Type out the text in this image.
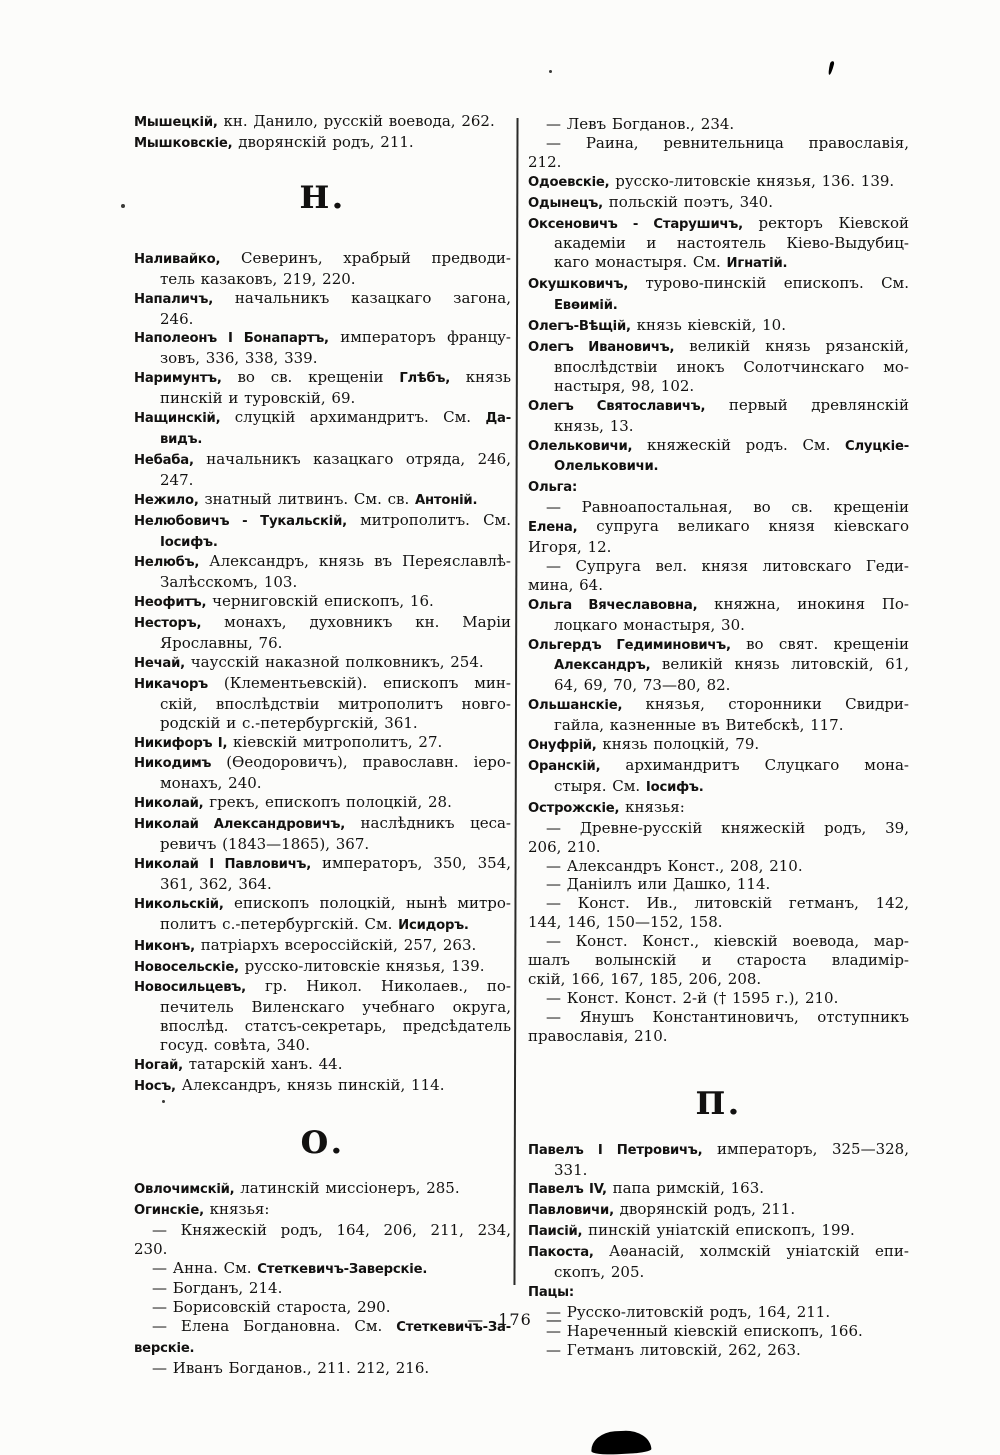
Мышецкій, кн. Данило, русскій воевода, 262.
Мышковскіе, дворянскій родъ, 211.
Н.
Наливайко, Северинъ, храбрый предводи-
тель казаковъ, 219, 220.
Напаличъ, начальникъ казацкаго загона,
246.
Наполеонъ I Бонапартъ, императоръ францу-
зовъ, 336, 338, 339.
Наримунтъ, во св. крещеніи Глѣбъ, князь
пинскій и туровскій, 69.
Нащинскій, слуцкій архимандритъ. См. Да-
видъ.
Небаба, начальникъ казацкаго отряда, 246,
247.
Нежило, знатный литвинъ. См. св. Антоній.
Нелюбовичъ - Тукальскій, митрополитъ. См.
Іосифъ.
Нелюбъ, Александръ, князь въ Переяславлѣ-
Залѣсскомъ, 103.
Неофитъ, черниговскій епископъ, 16.
Несторъ, монахъ, духовникъ кн. Маріи
Ярославны, 76.
Нечай, чаусскій наказной полковникъ, 254.
Никачоръ (Клементьевскій). епископъ мин-
скій, впослѣдствіи митрополитъ новго-
родскій и с.-петербургскій, 361.
Никифоръ I, кіевскій митрополитъ, 27.
Никодимъ (Ѳеодоровичъ), православн. іеро-
монахъ, 240.
Николай, грекъ, епископъ полоцкій, 28.
Николай Александровичъ, наслѣдникъ цеса-
ревичъ (1843—1865), 367.
Николай I Павловичъ, императоръ, 350, 354,
361, 362, 364.
Никольскій, епископъ полоцкій, нынѣ митро-
политъ с.-петербургскій. См. Исидоръ.
Никонъ, патріархъ всероссійскій, 257, 263.
Новосельскіе, русско-литовскіе князья, 139.
Новосильцевъ, гр. Никол. Николаев., по-
печитель Виленскаго учебнаго округа,
впослѣд. статсъ-секретарь, предсѣдатель
госуд. совѣта, 340.
Ногай, татарскій ханъ. 44.
Носъ, Александръ, князь пинскій, 114.
О.
Овлочимскій, латинскій миссіонеръ, 285.
Огинскіе, князья:
— Княжескій родъ, 164, 206, 211, 234,
230.
— Анна. См. Стеткевичъ-Заверскіе.
— Богданъ, 214.
— Борисовскій староста, 290.
— Елена Богдановна. См. Стеткевичъ-За-
верскіе.
— Иванъ Богданов., 211. 212, 216.
— Левъ Богданов., 234.
— Раина, ревнительница православія,
212.
Одоевскіе, русско-литовскіе князья, 136. 139.
Одынецъ, польскій поэтъ, 340.
Оксеновичъ - Старушичъ, ректоръ Кіевской
академіи и настоятель Кіево-Выдубиц-
каго монастыря. См. Игнатій.
Окушковичъ, турово-пинскій епископъ. См.
Евѳимій.
Олегъ-Вѣщій, князь кіевскій, 10.
Олегъ Ивановичъ, великій князь рязанскій,
впослѣдствіи инокъ Солотчинскаго мо-
настыря, 98, 102.
Олегъ Святославичъ, первый древлянскій
князь, 13.
Олельковичи, княжескій родъ. См. Слуцкіе-
Олельковичи.
Ольга:
— Равноапостальная, во св. крещеніи
Елена, супруга великаго князя кіевскаго
Игоря, 12.
— Супруга вел. князя литовскаго Геди-
мина, 64.
Ольга Вячеславовна, княжна, инокиня По-
лоцкаго монастыря, 30.
Ольгердъ Гедиминовичъ, во свят. крещеніи
Александръ, великій князь литовскій, 61,
64, 69, 70, 73—80, 82.
Ольшанскіе, князья, сторонники Свидри-
гайла, казненные въ Витебскѣ, 117.
Онуфрій, князь полоцкій, 79.
Оранскій, архимандритъ Слуцкаго мона-
стыря. См. Іосифъ.
Острожскіе, князья:
— Древне-русскій княжескій родъ, 39,
206, 210.
— Александръ Конст., 208, 210.
— Даніилъ или Дашко, 114.
— Конст. Ив., литовскій гетманъ, 142,
144, 146, 150—152, 158.
— Конст. Конст., кіевскій воевода, мар-
шалъ волынскій и староста владимір-
скій, 166, 167, 185, 206, 208.
— Конст. Конст. 2-й († 1595 г.), 210.
— Янушъ Константиновичъ, отступникъ
православія, 210.
П.
Павелъ I Петровичъ, императоръ, 325—328,
331.
Павелъ IV, папа римскій, 163.
Павловичи, дворянскій родъ, 211.
Паисій, пинскій уніатскій епископъ, 199.
Пакоста, Аѳанасій, холмскій уніатскій епи-
скопъ, 205.
Пацы:
— Русско-литовскій родъ, 164, 211.
— Нареченный кіевскій епископъ, 166.
— Гетманъ литовскій, 262, 263.
— 176 —
